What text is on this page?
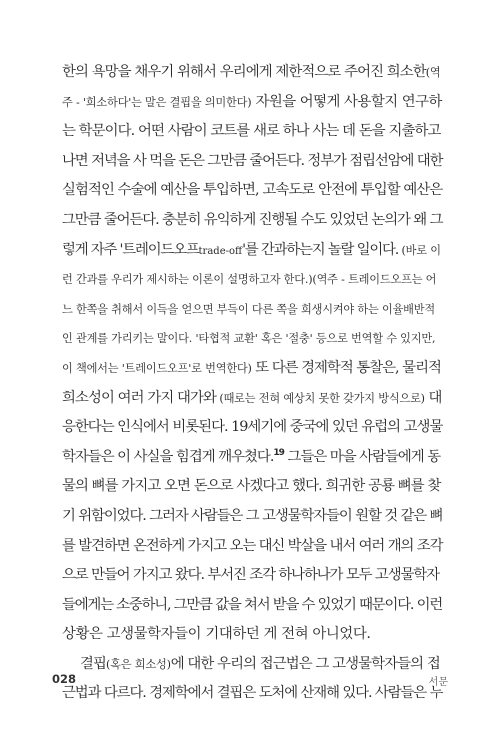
한의 욕망을 채우기 위해서 우리에게 제한적으로 주어진 희소한(역
주 - '희소하다'는 말은 결핍을 의미한다) 자원을 어떻게 사용할지 연구하
는 학문이다. 어떤 사람이 코트를 새로 하나 사는 데 돈을 지출하고
나면 저녁을 사 먹을 돈은 그만큼 줄어든다. 정부가 점립선암에 대한
실험적인 수술에 예산을 투입하면, 고속도로 안전에 투입할 예산은
그만큼 줄어든다. 충분히 유익하게 진행될 수도 있었던 논의가 왜 그
렇게 자주 '트레이드오프trade-off'를 간과하는지 놀랄 일이다. (바로 이
런 간과를 우리가 제시하는 이론이 설명하고자 한다.)(역주 - 트레이드오프는 어
느 한쪽을 취해서 이득을 얻으면 부득이 다른 쪽을 희생시켜야 하는 이율배반적
인 관계를 가리키는 말이다. '타협적 교환' 혹은 '절충' 등으로 번역할 수 있지만,
이 책에서는 '트레이드오프'로 번역한다) 또 다른 경제학적 통찰은, 물리적
희소성이 여러 가지 대가와 (때로는 전혀 예상치 못한 갖가지 방식으로) 대
응한다는 인식에서 비롯된다. 19세기에 중국에 있던 유럽의 고생물
학자들은 이 사실을 힘겹게 깨우쳤다.$^{19}$ 그들은 마을 사람들에게 동
물의 뼈를 가지고 오면 돈으로 사겠다고 했다. 희귀한 공룡 뼈를 찾
기 위함이었다. 그러자 사람들은 그 고생물학자들이 원할 것 같은 뼈
를 발견하면 온전하게 가지고 오는 대신 박살을 내서 여러 개의 조각
으로 만들어 가지고 왔다. 부서진 조각 하나하나가 모두 고생물학자
들에게는 소중하니, 그만큼 값을 쳐서 받을 수 있었기 때문이다. 이런
상황은 고생물학자들이 기대하던 게 전혀 아니었다.
결핍(혹은 희소성)에 대한 우리의 접근법은 그 고생물학자들의 접
근법과 다르다. 경제학에서 결핍은 도처에 산재해 있다. 사람들은 누
028	서문
